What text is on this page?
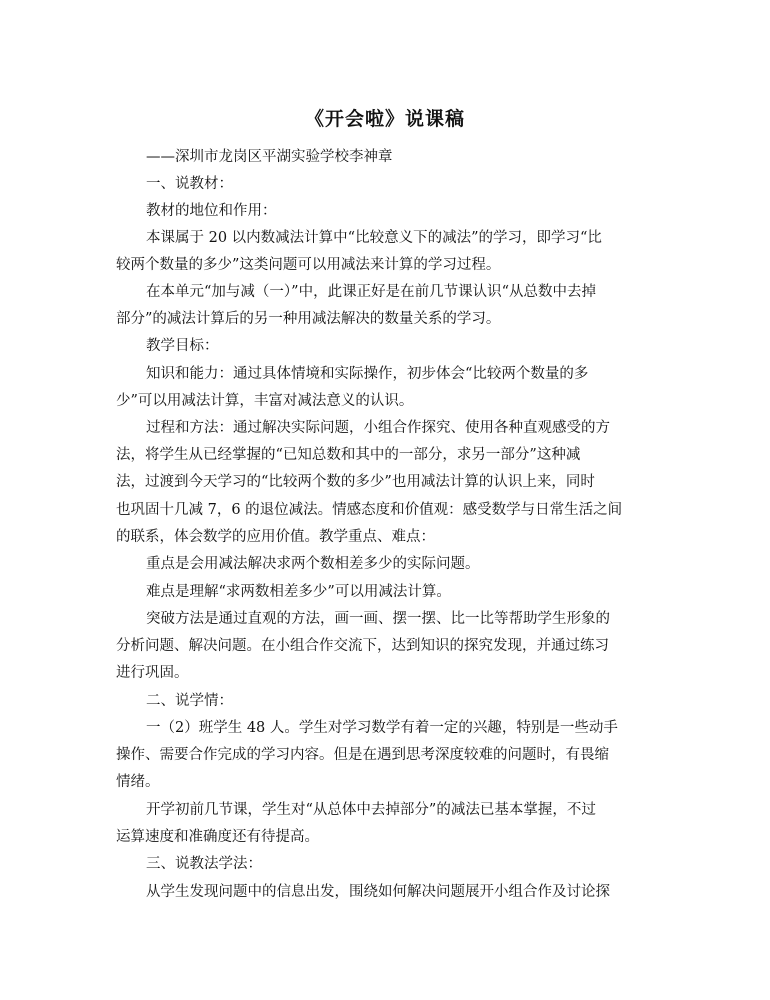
《开会啦》说课稿
——深圳市龙岗区平湖实验学校李神章
一、说教材：
教材的地位和作用：
本课属于 20 以内数减法计算中“比较意义下的减法”的学习，即学习“比
较两个数量的多少”这类问题可以用减法来计算的学习过程。
在本单元“加与减（一）”中，此课正好是在前几节课认识“从总数中去掉
部分”的减法计算后的另一种用减法解决的数量关系的学习。
教学目标：
知识和能力：通过具体情境和实际操作，初步体会“比较两个数量的多
少”可以用减法计算，丰富对减法意义的认识。
过程和方法：通过解决实际问题，小组合作探究、使用各种直观感受的方
法，将学生从已经掌握的“已知总数和其中的一部分，求另一部分”这种减
法，过渡到今天学习的“比较两个数的多少”也用减法计算的认识上来，同时
也巩固十几减 7，6 的退位减法。情感态度和价值观：感受数学与日常生活之间
的联系，体会数学的应用价值。教学重点、难点：
重点是会用减法解决求两个数相差多少的实际问题。
难点是理解“求两数相差多少”可以用减法计算。
突破方法是通过直观的方法，画一画、摆一摆、比一比等帮助学生形象的
分析问题、解决问题。在小组合作交流下，达到知识的探究发现，并通过练习
进行巩固。
二、说学情：
一（2）班学生 48 人。学生对学习数学有着一定的兴趣，特别是一些动手
操作、需要合作完成的学习内容。但是在遇到思考深度较难的问题时，有畏缩
情绪。
开学初前几节课，学生对“从总体中去掉部分”的减法已基本掌握，不过
运算速度和准确度还有待提高。
三、说教法学法：
从学生发现问题中的信息出发，围绕如何解决问题展开小组合作及讨论探
